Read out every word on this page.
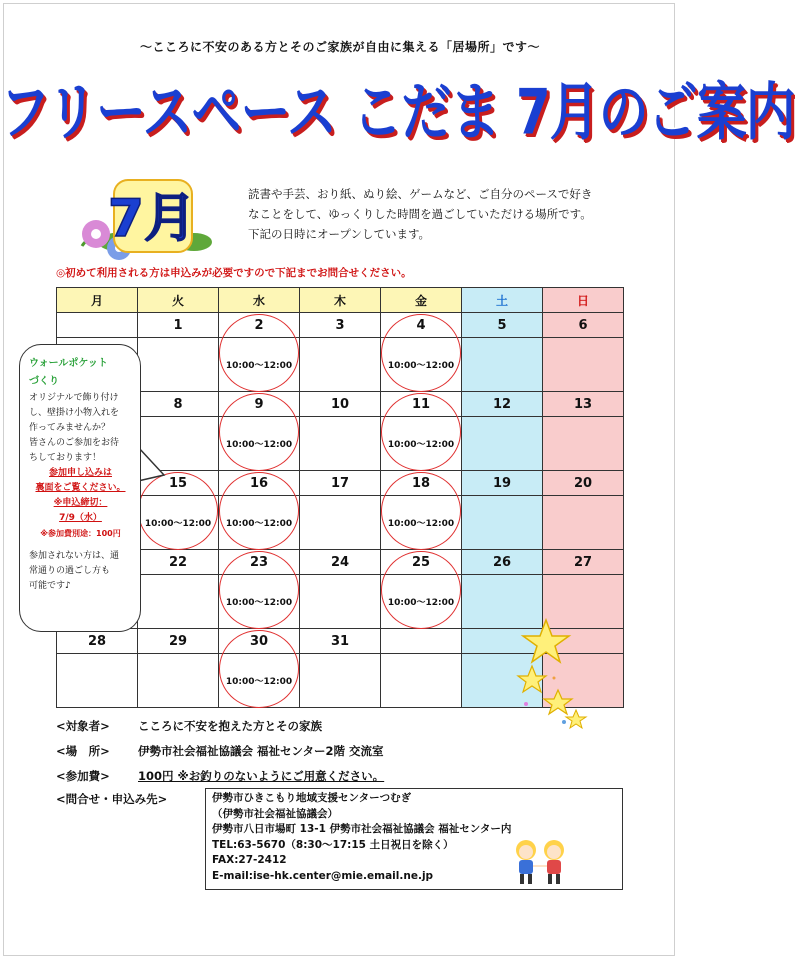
～こころに不安のある方とそのご家族が自由に集える「居場所」です～
フリースペース こだま 7月のご案内
7月	読書や手芸、おり紙、ぬり絵、ゲームなど、ご自分のペースで好き
なことをして、ゆっくりした時間を過ごしていただける場所です。
下記の日時にオープンしています。
◎初めて利用される方は申込みが必要ですので下記までお問合せください。
月	火	水	木	金	土	日
	1	2	3	4	5	6

		10:00～12:00		10:00～12:00		

	8	9	10	11	12	13

		10:00～12:00		10:00～12:00		

	15	16	17	18	19	20

	10:00～12:00	10:00～12:00		10:00～12:00		

	22	23	24	25	26	27

		10:00～12:00		10:00～12:00		

28	29	30	31			

		10:00～12:00				

ウォールポケット
づくり
オリジナルで飾り付け
し、壁掛け小物入れを
作ってみませんか？
皆さんのご参加をお待
ちしております！
参加申し込みは
裏面をご覧ください。
※申込締切：
7/9（水）
※参加費別途：100円
参加されない方は、通
常通りの過ごし方も
可能です♪
<対象者> こころに不安を抱えた方とその家族
<場　所> 伊勢市社会福祉協議会 福祉センター2階 交流室
<参加費> 100円 ※お釣りのないようにご用意ください。
<問合せ・申込み先>	伊勢市ひきこもり地域支援センターつむぎ
（伊勢市社会福祉協議会）
伊勢市八日市場町 13-1 伊勢市社会福祉協議会 福祉センター内
TEL:63-5670（8:30～17:15 土日祝日を除く）
FAX:27-2412
E-mail:ise-hk.center@mie.email.ne.jp
